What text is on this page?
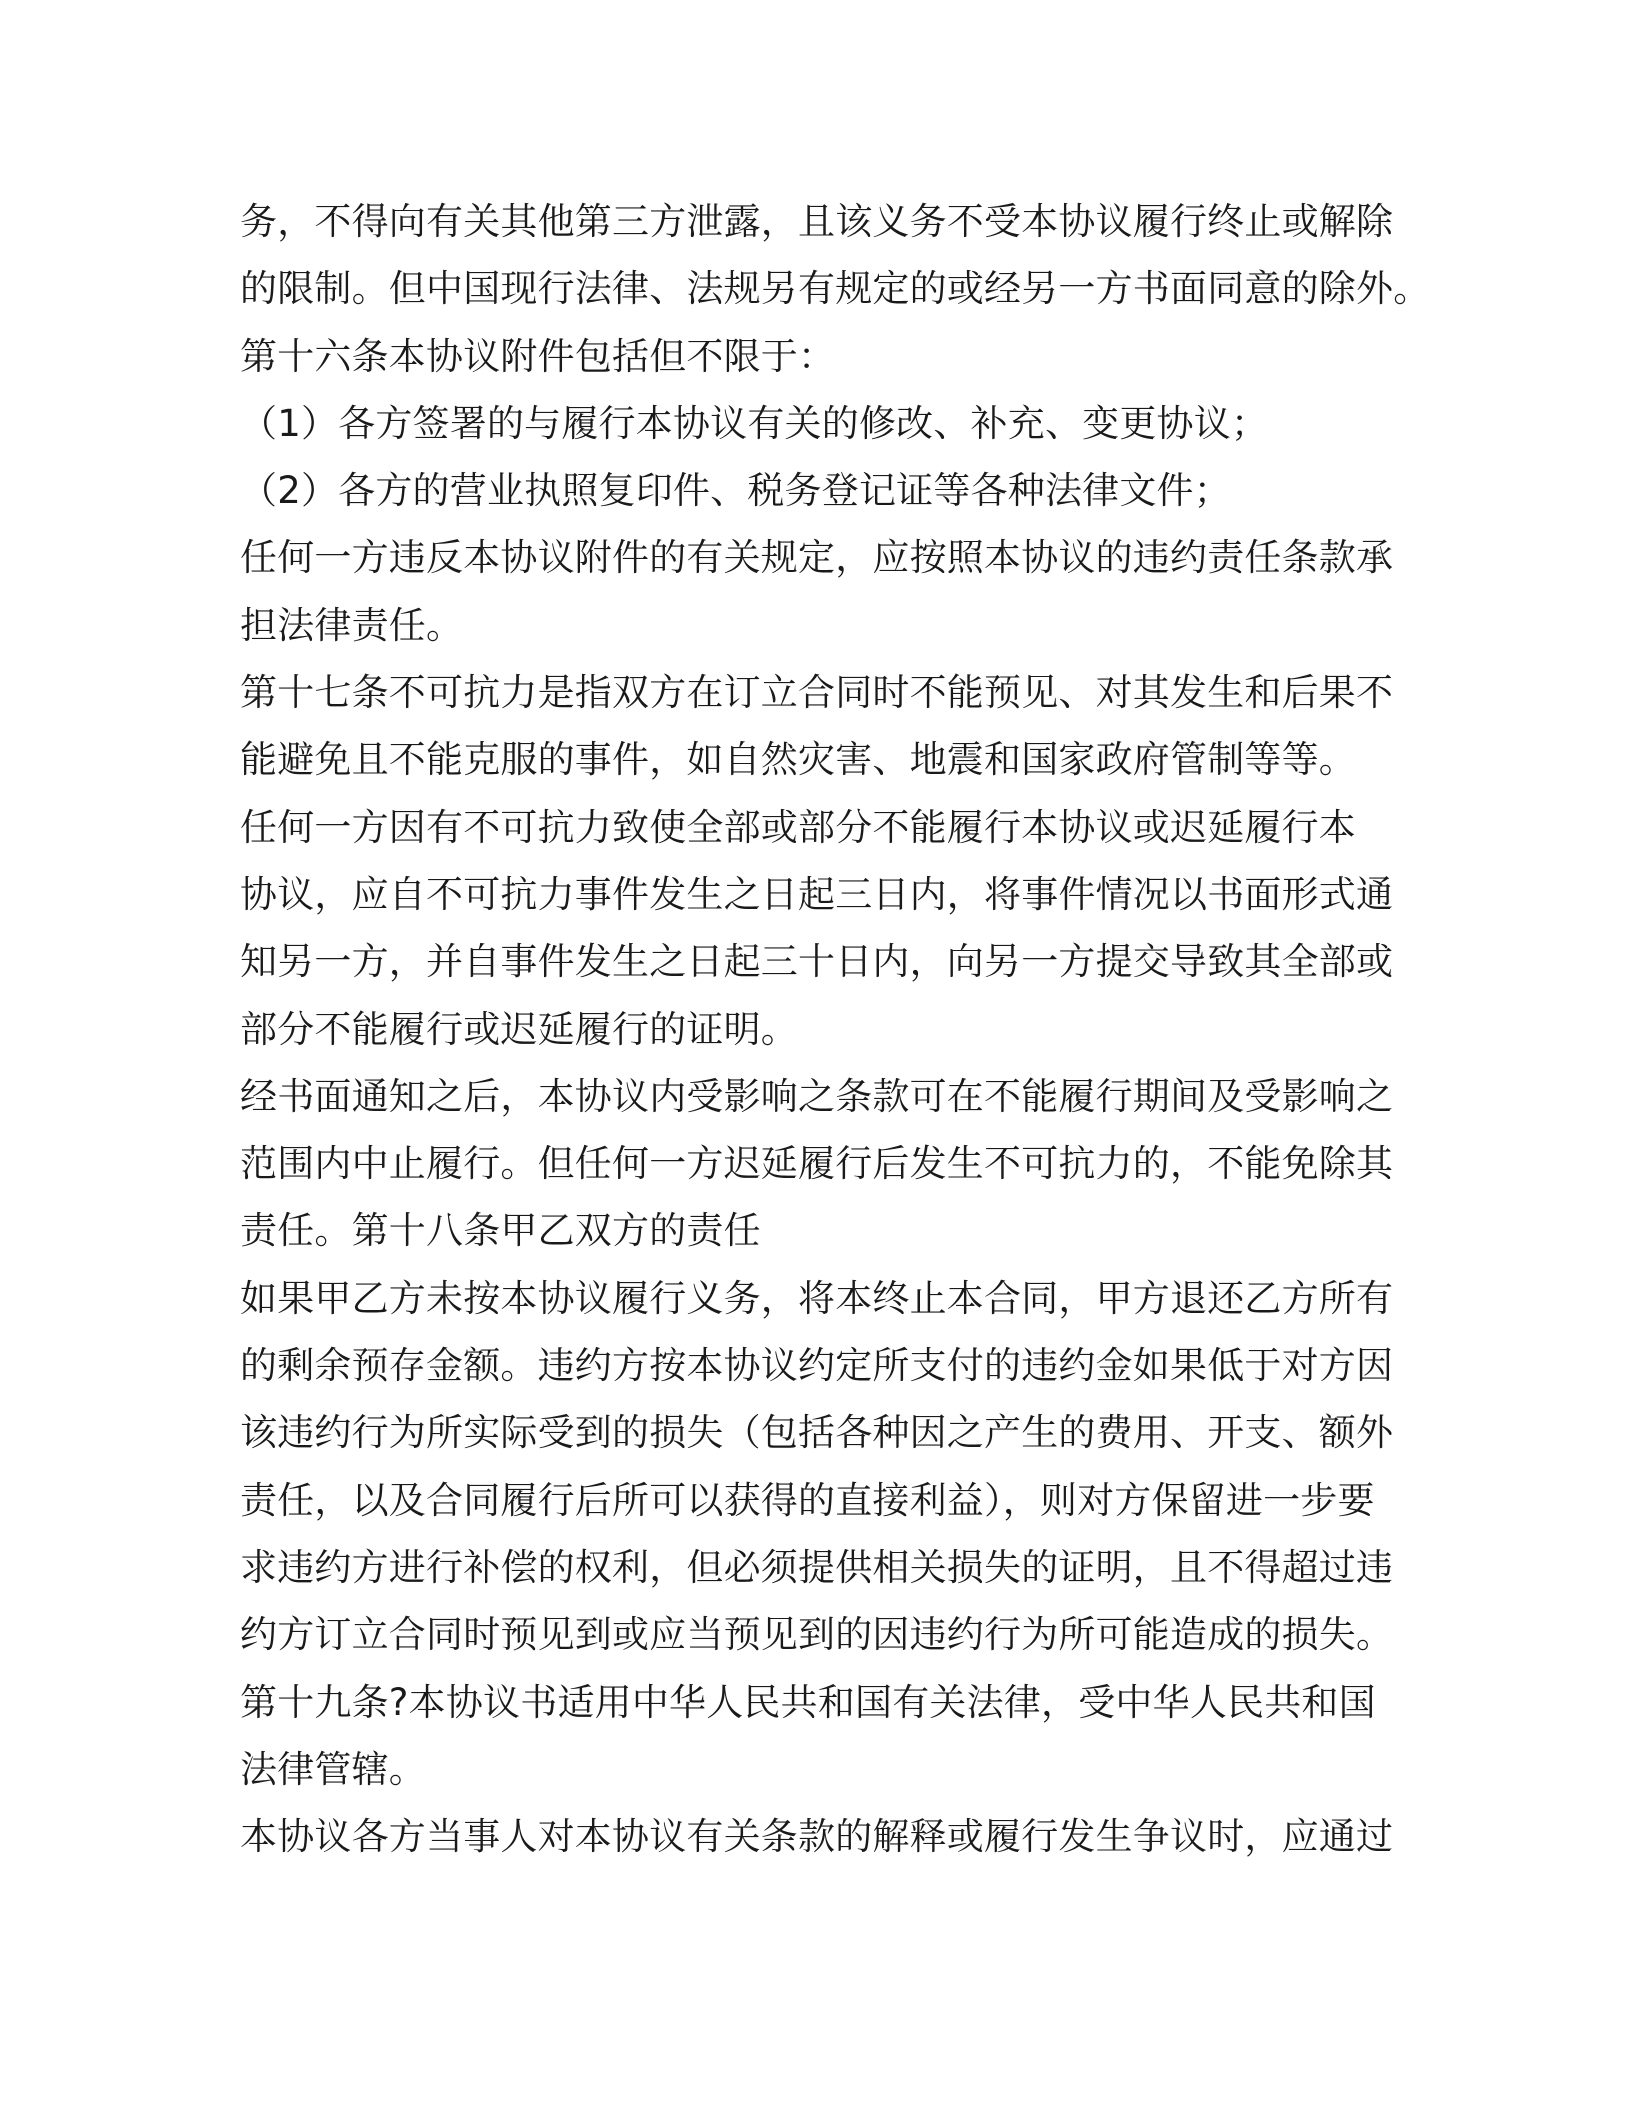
务，不得向有关其他第三方泄露，且该义务不受本协议履行终止或解除
的限制。但中国现行法律、法规另有规定的或经另一方书面同意的除外。
第十六条本协议附件包括但不限于：
（1）各方签署的与履行本协议有关的修改、补充、变更协议；
（2）各方的营业执照复印件、税务登记证等各种法律文件；
任何一方违反本协议附件的有关规定，应按照本协议的违约责任条款承
担法律责任。
第十七条不可抗力是指双方在订立合同时不能预见、对其发生和后果不
能避免且不能克服的事件，如自然灾害、地震和国家政府管制等等。
任何一方因有不可抗力致使全部或部分不能履行本协议或迟延履行本
协议，应自不可抗力事件发生之日起三日内，将事件情况以书面形式通
知另一方，并自事件发生之日起三十日内，向另一方提交导致其全部或
部分不能履行或迟延履行的证明。
经书面通知之后，本协议内受影响之条款可在不能履行期间及受影响之
范围内中止履行。但任何一方迟延履行后发生不可抗力的，不能免除其
责任。第十八条甲乙双方的责任
如果甲乙方未按本协议履行义务，将本终止本合同，甲方退还乙方所有
的剩余预存金额。违约方按本协议约定所支付的违约金如果低于对方因
该违约行为所实际受到的损失（包括各种因之产生的费用、开支、额外
责任，以及合同履行后所可以获得的直接利益），则对方保留进一步要
求违约方进行补偿的权利，但必须提供相关损失的证明，且不得超过违
约方订立合同时预见到或应当预见到的因违约行为所可能造成的损失。
第十九条?本协议书适用中华人民共和国有关法律，受中华人民共和国
法律管辖。
本协议各方当事人对本协议有关条款的解释或履行发生争议时，应通过
